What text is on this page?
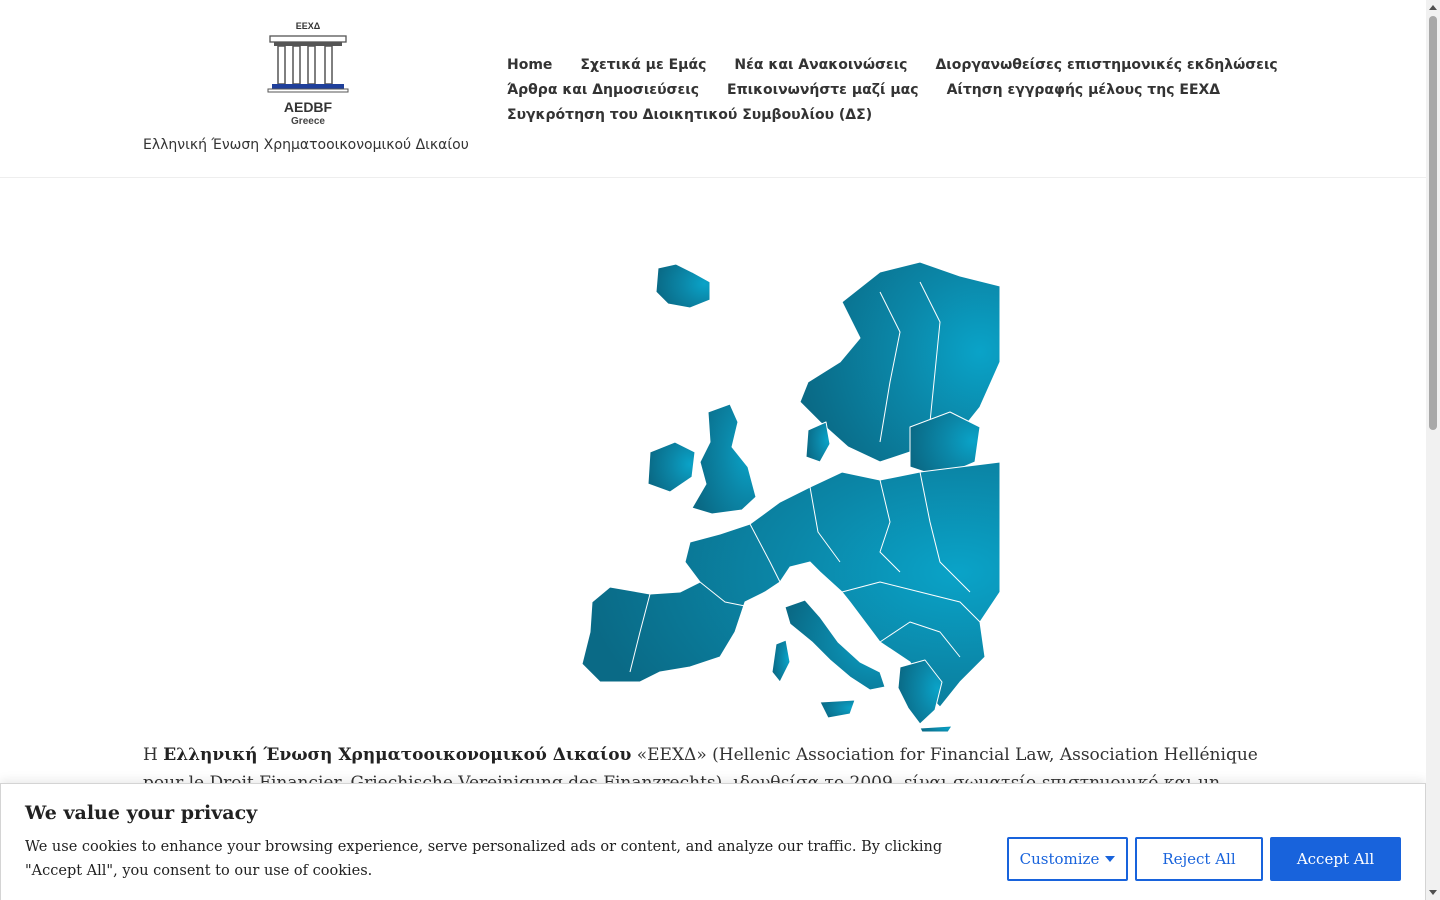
ΕΕΧΔ
AEDBF
Greece
Ελληνική Ένωση Χρηματοοικονομικού Δικαίου
Home Σχετικά με Εμάς Νέα και Ανακοινώσεις Διοργανωθείσες επιστημονικές εκδηλώσεις
Άρθρα και Δημοσιεύσεις Επικοινωνήστε μαζί μας Αίτηση εγγραφής μέλους της ΕΕΧΔ
Συγκρότηση του Διοικητικού Συμβουλίου (ΔΣ)
Η Ελληνική Ένωση Χρηματοοικονομικού Δικαίου «ΕΕΧΔ» (Hellenic Association for Financial Law, Association Hellénique
We value your privacy
We use cookies to enhance your browsing experience, serve personalized ads or content, and analyze our traffic. By clicking "Accept All", you consent to our use of cookies.
Customize	Reject All	Accept All
